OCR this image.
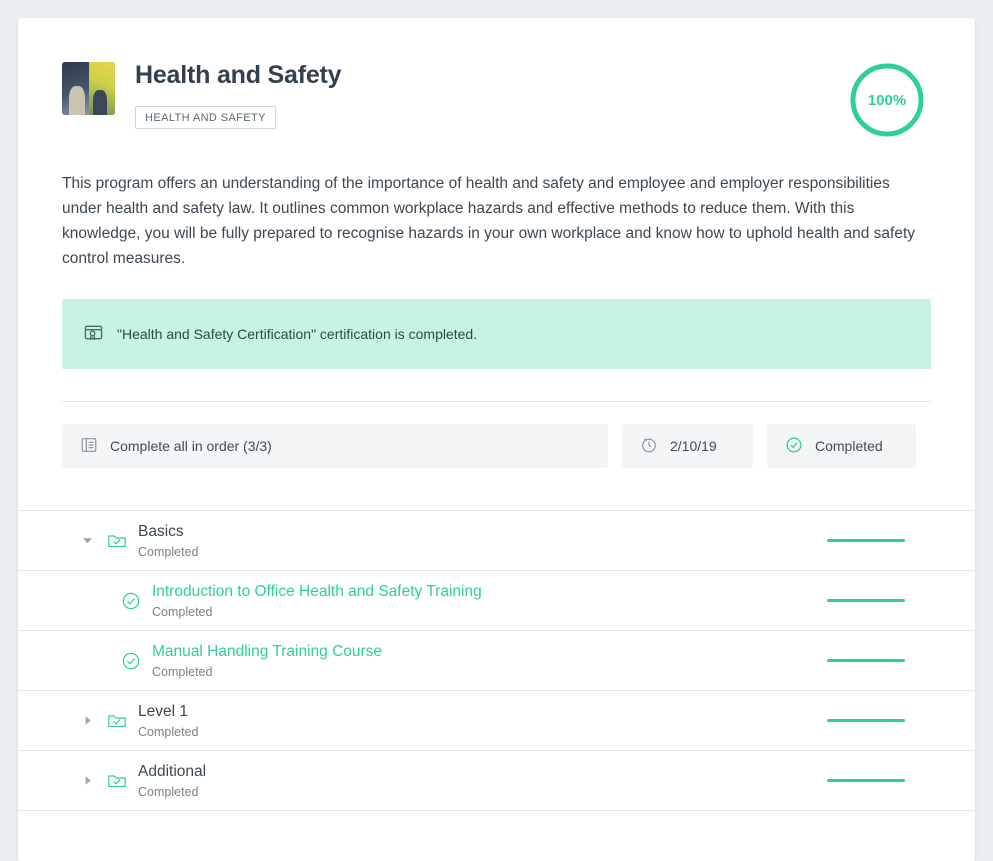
Health and Safety
HEALTH AND SAFETY
100%

This program offers an understanding of the importance of health and safety and employee and employer responsibilities under health and safety law. It outlines common workplace hazards and effective methods to reduce them. With this knowledge, you will be fully prepared to recognise hazards in your own workplace and know how to uphold health and safety control measures.

"Health and Safety Certification" certification is completed.
Complete all in order (3/3)	2/10/19	Completed
Basics
Completed
Introduction to Office Health and Safety Training
Completed
Manual Handling Training Course
Completed
Level 1
Completed
Additional
Completed
